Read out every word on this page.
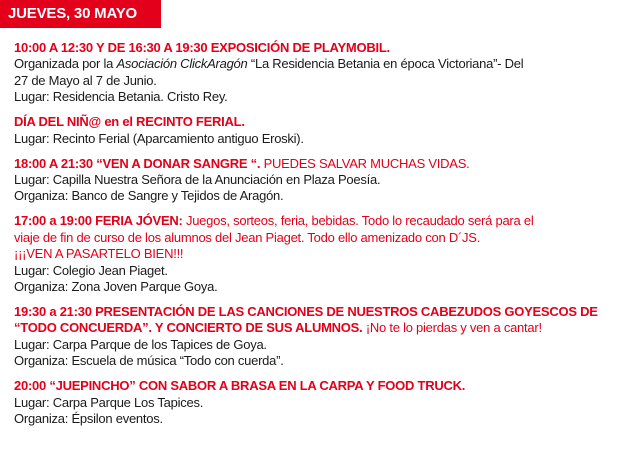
JUEVES, 30 MAYO
10:00 A 12:30 Y DE 16:30 A 19:30 EXPOSICIÓN DE PLAYMOBIL.
Organizada por la Asociación ClickAragón “La Residencia Betania en época Victoriana”- Del
27 de Mayo al 7 de Junio.
Lugar: Residencia Betania. Cristo Rey.
DÍA DEL NIÑ@ en el RECINTO FERIAL.
Lugar: Recinto Ferial (Aparcamiento antiguo Eroski).
18:00 A 21:30 “VEN A DONAR SANGRE “. PUEDES SALVAR MUCHAS VIDAS.
Lugar: Capilla Nuestra Señora de la Anunciación en Plaza Poesía.
Organiza: Banco de Sangre y Tejidos de Aragón.
17:00 a 19:00 FERIA JÓVEN: Juegos, sorteos, feria, bebidas. Todo lo recaudado será para el
viaje de fin de curso de los alumnos del Jean Piaget. Todo ello amenizado con D´JS.
¡¡¡VEN A PASARTELO BIEN!!!
Lugar: Colegio Jean Piaget.
Organiza: Zona Joven Parque Goya.
19:30 a 21:30 PRESENTACIÓN DE LAS CANCIONES DE NUESTROS CABEZUDOS GOYESCOS DE
“TODO CONCUERDA”. Y CONCIERTO DE SUS ALUMNOS. ¡No te lo pierdas y ven a cantar!
Lugar: Carpa Parque de los Tapices de Goya.
Organiza: Escuela de música “Todo con cuerda”.
20:00 “JUEPINCHO” CON SABOR A BRASA EN LA CARPA Y FOOD TRUCK.
Lugar: Carpa Parque Los Tapices.
Organiza: Épsilon eventos.
